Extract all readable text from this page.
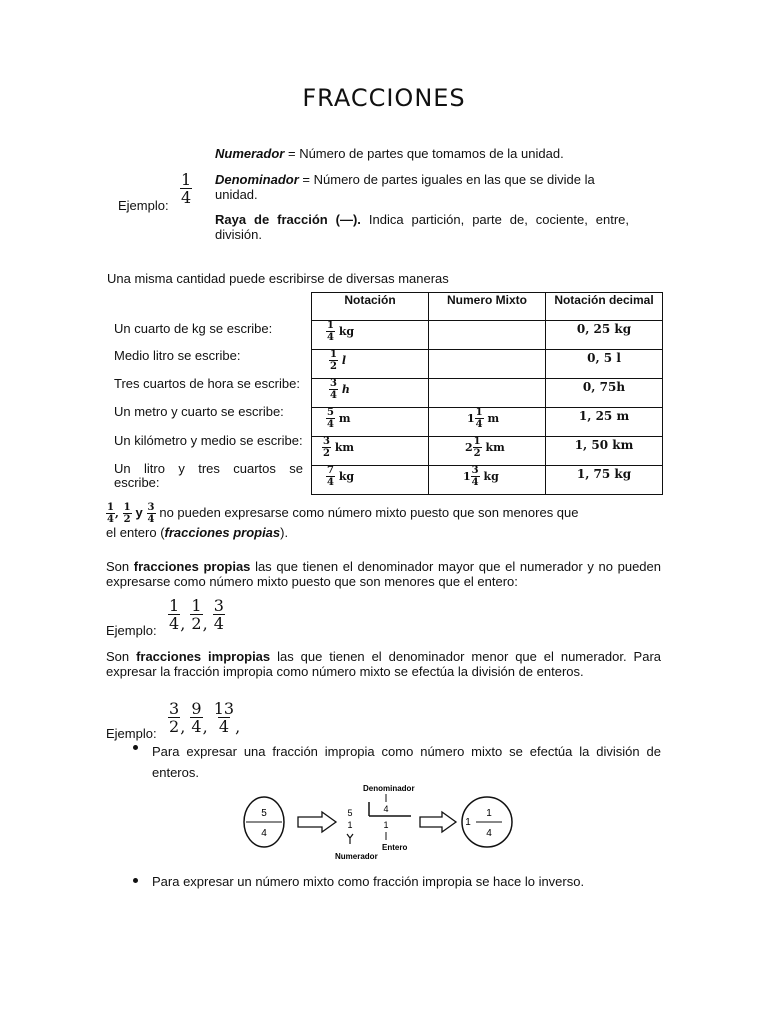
FRACCIONES
Ejemplo: $\frac{1}{4}$
Numerador = Número de partes que tomamos de la unidad.
Denominador = Número de partes iguales en las que se divide la unidad.
Raya de fracción (—). Indica partición, parte de, cociente, entre, división.
Una misma cantidad puede escribirse de diversas maneras
Un cuarto de kg se escribe:
Medio litro se escribe:
Tres cuartos de hora se escribe:
Un metro y cuarto se escribe:
Un kilómetro y medio se escribe:
Un litro y tres cuartos se escribe:
Notación	Numero Mixto	Notación decimal

$\frac{1}{4}$ kg		0, 25 kg

$\frac{1}{2}$ l		0, 5 l

$\frac{3}{4}$ h		0, 75h

$\frac{5}{4}$ m	$1 \frac{1}{4}$ m	1, 25 m

$\frac{3}{2}$ km	$2 \frac{1}{2}$ km	1, 50 km

$\frac{7}{4}$ kg	$1 \frac{3}{4}$ kg	1, 75 kg
$\frac{1}{4}$ , $\frac{1}{2}$ y $\frac{3}{4}$ no pueden expresarse como número mixto puesto que son menores que
el entero (fracciones propias).
Son fracciones propias las que tienen el denominador mayor que el numerador y no pueden expresarse como número mixto puesto que son menores que el entero:
Ejemplo: $\frac{1}{4}$ , $\frac{1}{2}$ , $\frac{3}{4}$
Son fracciones impropias las que tienen el denominador menor que el numerador. Para expresar la fracción impropia como número mixto se efectúa la división de enteros.
Ejemplo: $\frac{3}{2}$ , $\frac{9}{4}$ , $\frac{13}{4}$ ,
Para expresar una fracción impropia como número mixto se efectúa la división de enteros.
Para expresar un número mixto como fracción impropia se hace lo inverso.
5
4
5
1
Numerador
4
Denominador
1
Entero
1
1
4
